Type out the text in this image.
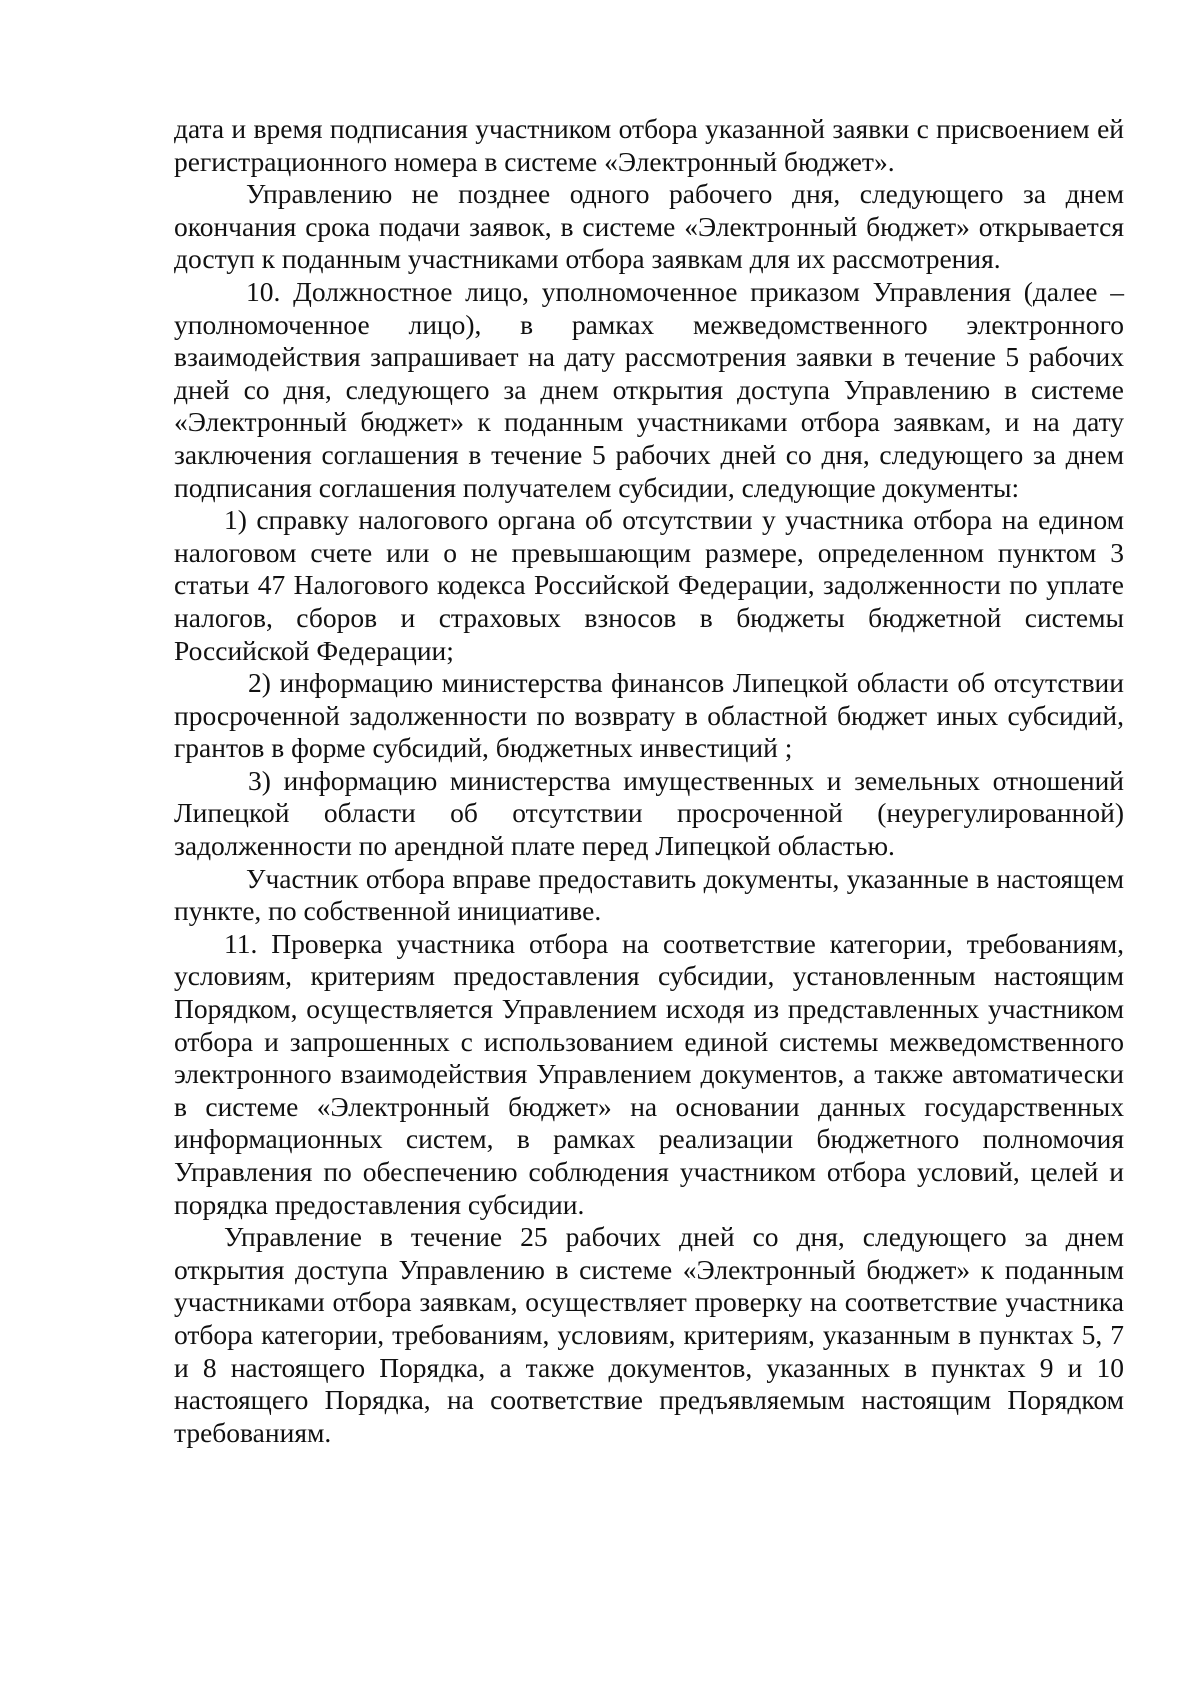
дата и время подписания участником отбора указанной заявки с присвоением ей регистрационного номера в системе «Электронный бюджет».

Управлению не позднее одного рабочего дня, следующего за днем окончания срока подачи заявок, в системе «Электронный бюджет» открывается доступ к поданным участниками отбора заявкам для их рассмотрения.

10. Должностное лицо, уполномоченное приказом Управления (далее – уполномоченное лицо), в рамках межведомственного электронного взаимодействия запрашивает на дату рассмотрения заявки в течение 5 рабочих дней со дня, следующего за днем открытия доступа Управлению в системе «Электронный бюджет» к поданным участниками отбора заявкам, и на дату заключения соглашения в течение 5 рабочих дней со дня, следующего за днем подписания соглашения получателем субсидии, следующие документы:

1) справку налогового органа об отсутствии у участника отбора на едином налоговом счете или о не превышающим размере, определенном пунктом 3 статьи 47 Налогового кодекса Российской Федерации, задолженности по уплате налогов, сборов и страховых взносов в бюджеты бюджетной системы Российской Федерации;

2) информацию министерства финансов Липецкой области об отсутствии просроченной задолженности по возврату в областной бюджет иных субсидий, грантов в форме субсидий, бюджетных инвестиций ;

3) информацию министерства имущественных и земельных отношений Липецкой области об отсутствии просроченной (неурегулированной) задолженности по арендной плате перед Липецкой областью.

Участник отбора вправе предоставить документы, указанные в настоящем пункте, по собственной инициативе.

11. Проверка участника отбора на соответствие категории, требованиям, условиям, критериям предоставления субсидии, установленным настоящим Порядком, осуществляется Управлением исходя из представленных участником отбора и запрошенных с использованием единой системы межведомственного электронного взаимодействия Управлением документов, а также автоматически в системе «Электронный бюджет» на основании данных государственных информационных систем, в рамках реализации бюджетного полномочия Управления по обеспечению соблюдения участником отбора условий, целей и порядка предоставления субсидии.

Управление в течение 25 рабочих дней со дня, следующего за днем открытия доступа Управлению в системе «Электронный бюджет» к поданным участниками отбора заявкам, осуществляет проверку на соответствие участника отбора категории, требованиям, условиям, критериям, указанным в пунктах 5, 7 и 8 настоящего Порядка, а также документов, указанных в пунктах 9 и 10 настоящего Порядка, на соответствие предъявляемым настоящим Порядком требованиям.
